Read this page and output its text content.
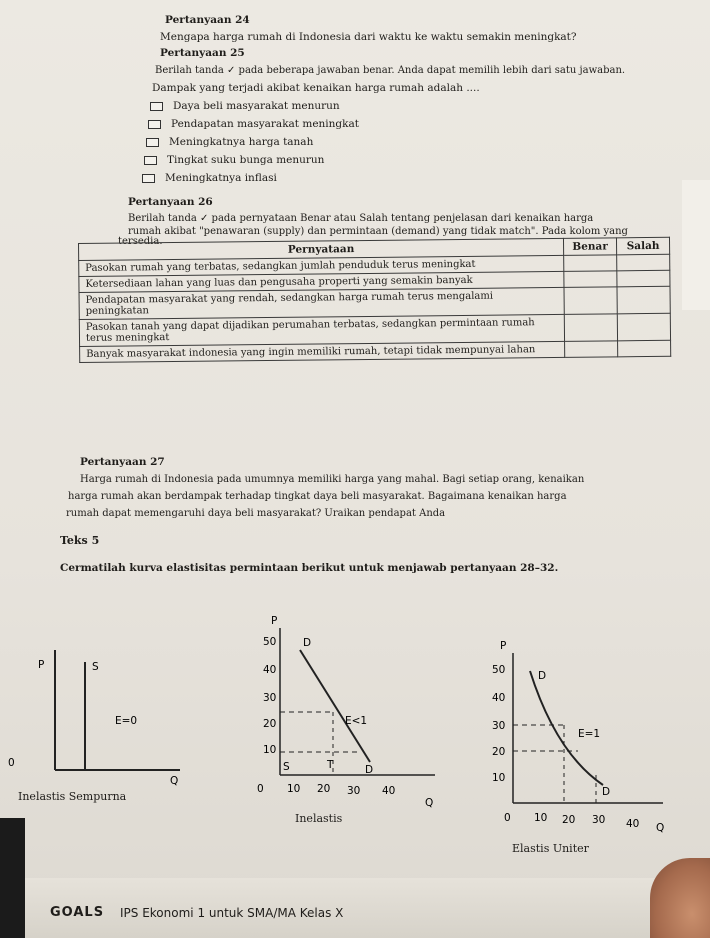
Pertanyaan 24
Mengapa harga rumah di Indonesia dari waktu ke waktu semakin meningkat?
Pertanyaan 25
Berilah tanda ✓ pada beberapa jawaban benar. Anda dapat memilih lebih dari satu jawaban.
Dampak yang terjadi akibat kenaikan harga rumah adalah ....
Daya beli masyarakat menurun
Pendapatan masyarakat meningkat
Meningkatnya harga tanah
Tingkat suku bunga menurun
Meningkatnya inflasi
Pertanyaan 26
Berilah tanda ✓ pada pernyataan Benar atau Salah tentang penjelasan dari kenaikan harga
rumah akibat "penawaran (supply) dan permintaan (demand) yang tidak match". Pada kolom yang
tersedia.
Pernyataan	Benar	Salah
Pasokan rumah yang terbatas, sedangkan jumlah penduduk terus meningkat		
Ketersediaan lahan yang luas dan pengusaha properti yang semakin banyak		
Pendapatan masyarakat yang rendah, sedangkan harga rumah terus mengalami peningkatan		
Pasokan tanah yang dapat dijadikan perumahan terbatas, sedangkan permintaan rumah terus meningkat		
Banyak masyarakat indonesia yang ingin memiliki rumah, tetapi tidak mempunyai lahan		
Pertanyaan 27
Harga rumah di Indonesia pada umumnya memiliki harga yang mahal. Bagi setiap orang, kenaikan
harga rumah akan berdampak terhadap tingkat daya beli masyarakat. Bagaimana kenaikan harga
rumah dapat memengaruhi daya beli masyarakat? Uraikan pendapat Anda
Teks 5
Cermatilah kurva elastisitas permintaan berikut untuk menjawab pertanyaan 28–32.
P	S
E=0
0
Q
Inelastis Sempurna
P
50
40
30
20
10
D
E<1
S	T	D
0 10 20 30 40
Q
Inelastis
P
50
40
30
20
10
D
E=1
D
0 10 20 30 40 Q
Elastis Uniter
GOALS IPS Ekonomi 1 untuk SMA/MA Kelas X
